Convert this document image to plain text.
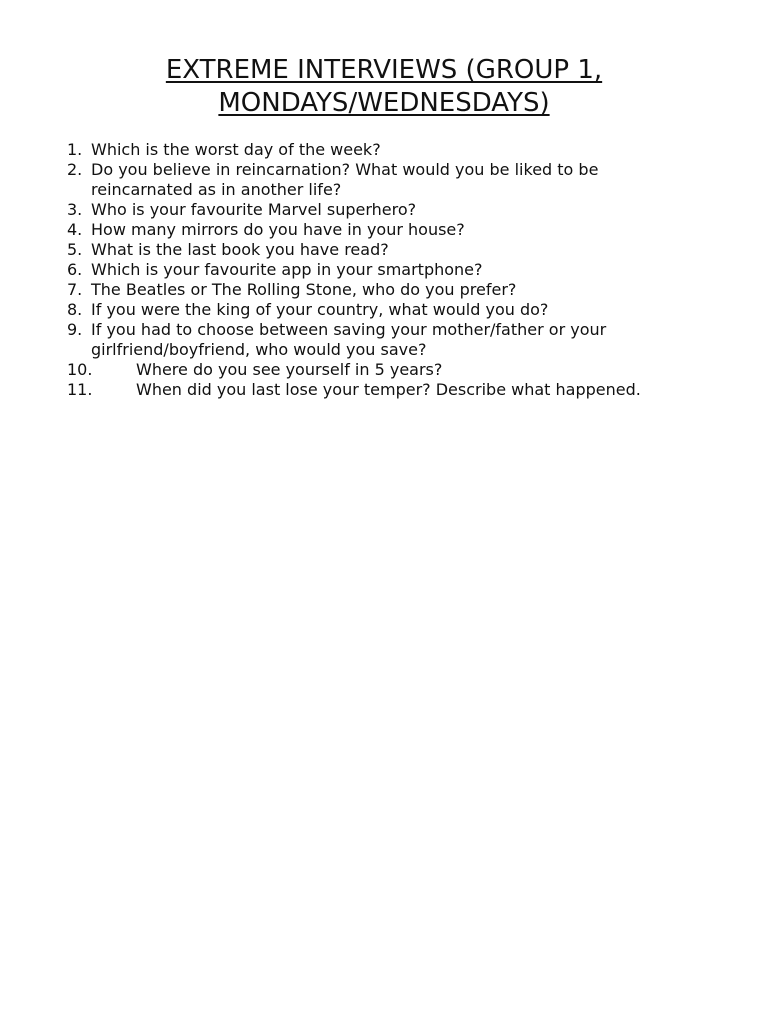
EXTREME INTERVIEWS (GROUP 1,
MONDAYS/WEDNESDAYS)
1. Which is the worst day of the week?
2. Do you believe in reincarnation? What would you be liked to be reincarnated as in another life?
3. Who is your favourite Marvel superhero?
4. How many mirrors do you have in your house?
5. What is the last book you have read?
6. Which is your favourite app in your smartphone?
7. The Beatles or The Rolling Stone, who do you prefer?
8. If you were the king of your country, what would you do?
9. If you had to choose between saving your mother/father or your girlfriend/boyfriend, who would you save?
10.	Where do you see yourself in 5 years?
11.	When did you last lose your temper? Describe what happened.
